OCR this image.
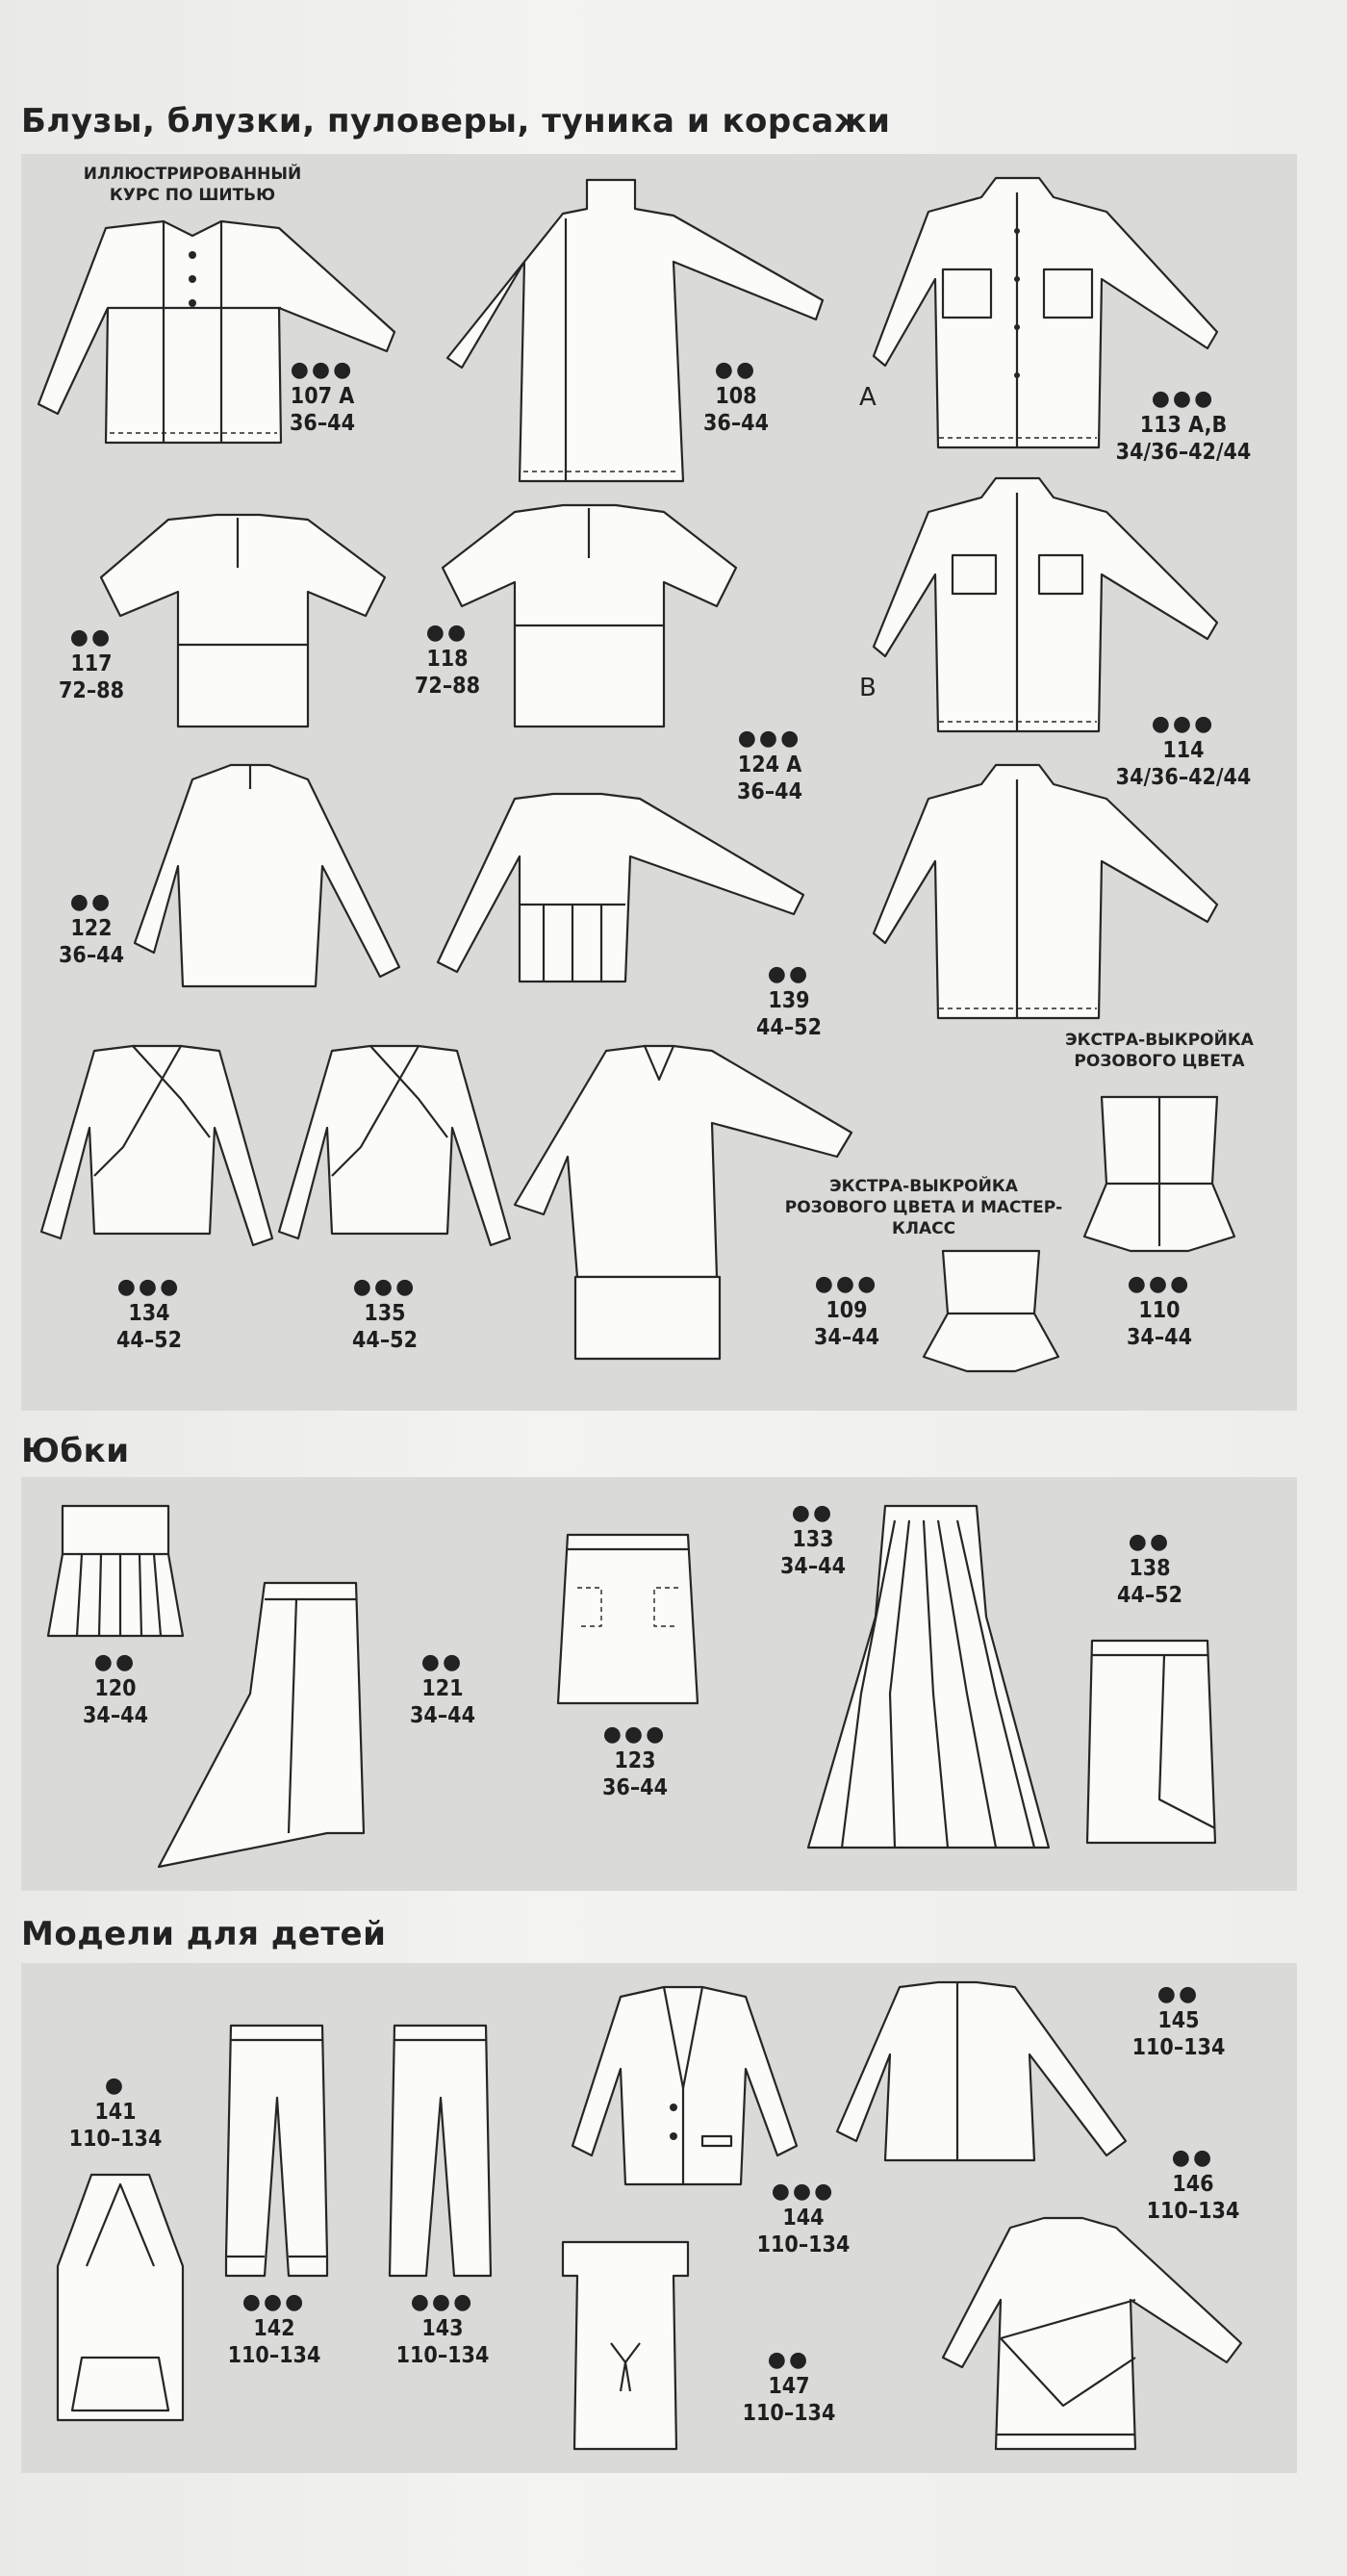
Блузы, блузки, пуловеры, туника и корсажи
ИЛЛЮСТРИРОВАННЫЙ КУРС ПО ШИТЬЮ
ЭКСТРА-ВЫКРОЙКА РОЗОВОГО ЦВЕТА
ЭКСТРА-ВЫКРОЙКА РОЗОВОГО ЦВЕТА И МАСТЕР-КЛАСС
А
В
●●●
107 A
36–44
●●
108
36–44
●●●
113 A,B
34/36–42/44
●●
117
72–88
●●
118
72–88
●●●
124 A
36–44
●●●
114
34/36–42/44
●●
122
36–44
●●
139
44–52
●●●
134
44–52
●●●
135
44–52
●●●
109
34–44
●●●
110
34–44
Юбки
●●
120
34–44
●●
121
34–44
●●●
123
36–44
●●
133
34–44
●●
138
44–52
Модели для детей
●
141
110–134
●●●
142
110–134
●●●
143
110–134
●●●
144
110–134
●●
147
110–134
●●
145
110–134
●●
146
110–134
